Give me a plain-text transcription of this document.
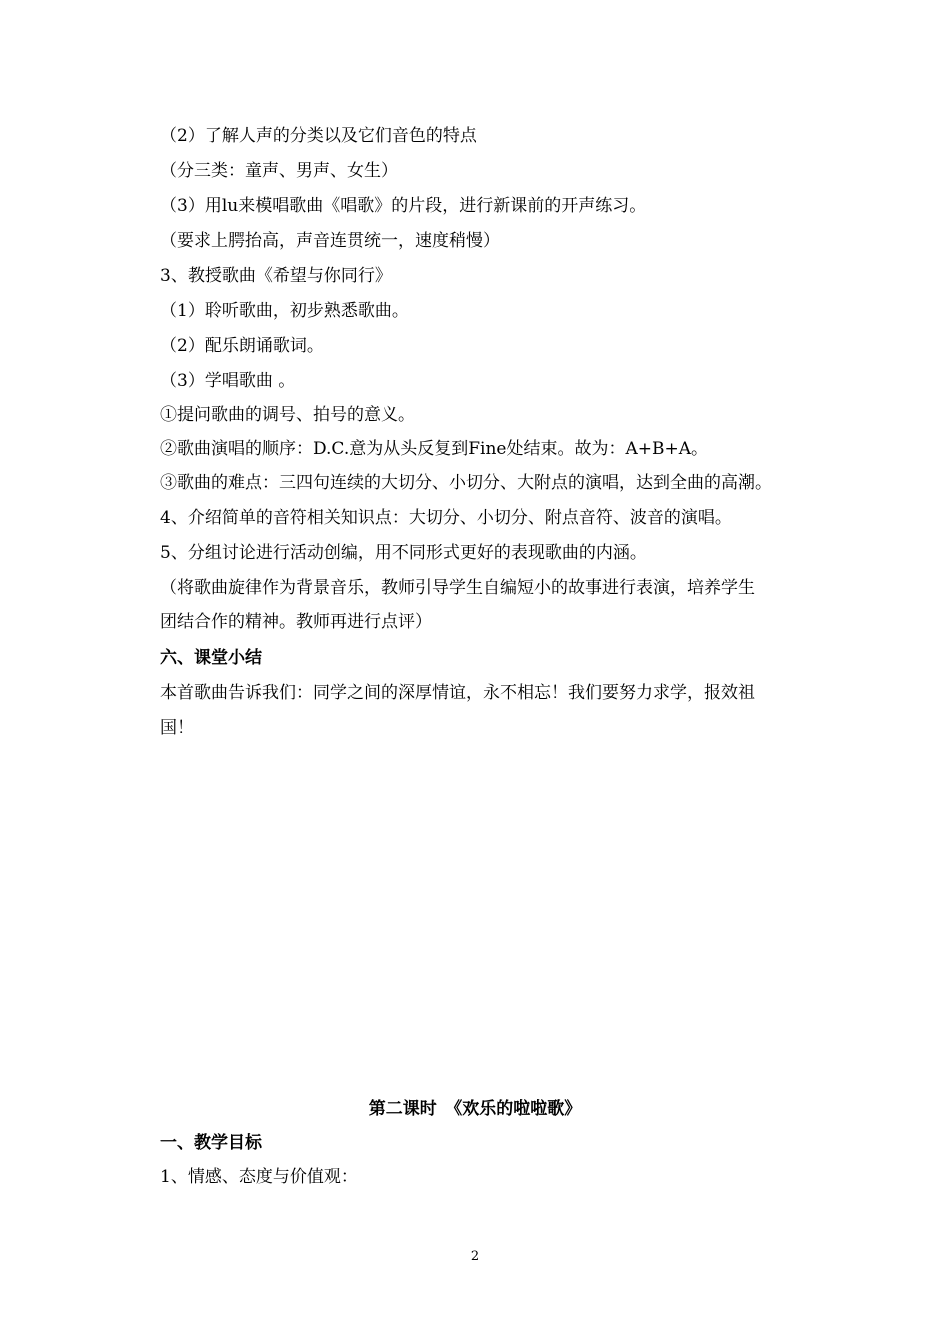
（2）了解人声的分类以及它们音色的特点
（分三类：童声、男声、女生）
（3）用lu来模唱歌曲《唱歌》的片段，进行新课前的开声练习。
（要求上腭抬高，声音连贯统一，速度稍慢）
3、教授歌曲《希望与你同行》
（1）聆听歌曲，初步熟悉歌曲。
（2）配乐朗诵歌词。
（3）学唱歌曲 。
①提问歌曲的调号、拍号的意义。
②歌曲演唱的顺序：D.C.意为从头反复到Fine处结束。故为：A+B+A。
③歌曲的难点：三四句连续的大切分、小切分、大附点的演唱，达到全曲的高潮。
4、介绍简单的音符相关知识点：大切分、小切分、附点音符、波音的演唱。
5、分组讨论进行活动创编，用不同形式更好的表现歌曲的内涵。
（将歌曲旋律作为背景音乐，教师引导学生自编短小的故事进行表演，培养学生
团结合作的精神。教师再进行点评）
六、课堂小结
本首歌曲告诉我们：同学之间的深厚情谊，永不相忘！我们要努力求学，报效祖
国！
第二课时　《欢乐的啦啦歌》
一、教学目标
1、情感、态度与价值观：
2
